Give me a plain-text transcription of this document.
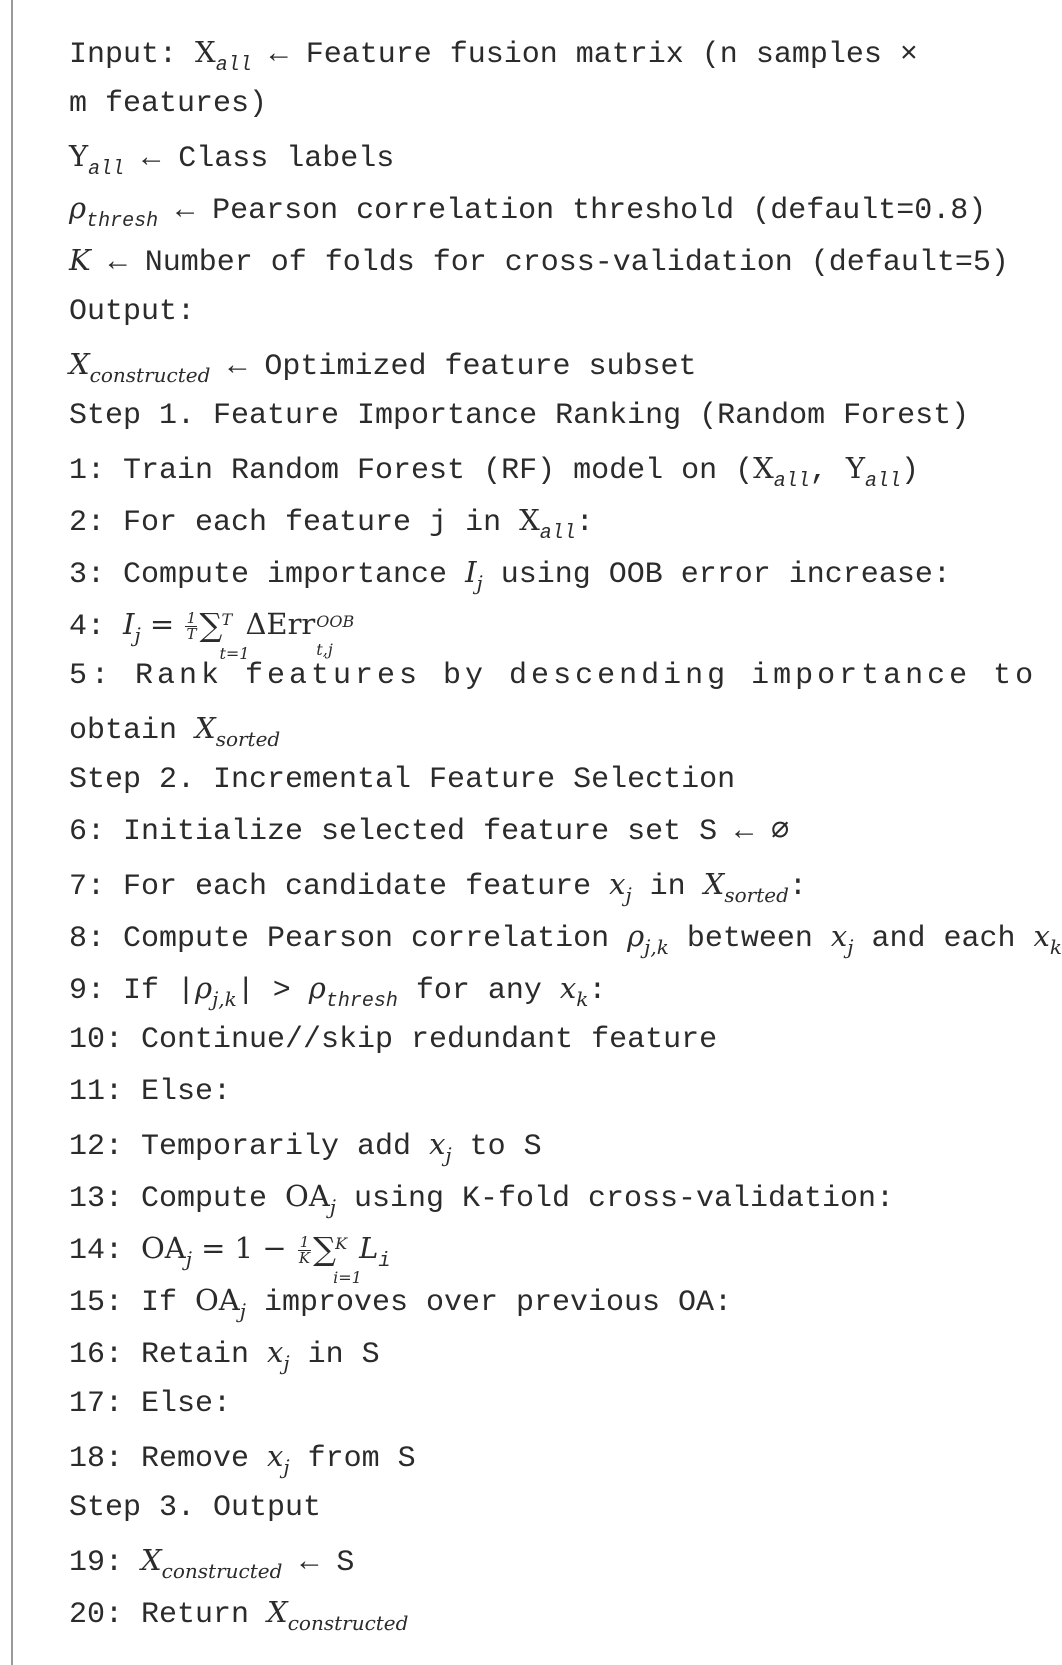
Input: $X_{all}$ ← Feature fusion matrix (n samples ×
m features)
$Y_{all}$ ← Class labels
$\rho_{thresh}$ ← Pearson correlation threshold (default=0.8)
K ← Number of folds for cross-validation (default=5)
Output:
$X_{constructed}$ ← Optimized feature subset
Step 1. Feature Importance Ranking (Random Forest)
1: Train Random Forest (RF) model on ($X_{all}$, $Y_{all}$)
2: For each feature j in $X_{all}$:
3: Compute importance $I_j$ using OOB error increase:
4: $I_j = \frac{1}{T}$ ∑ T
t=1
ΔErr OOB
t,j
5: Rank features by descending importance to
obtain $X_{sorted}$
Step 2. Incremental Feature Selection
6: Initialize selected feature set S ← ∅
7: For each candidate feature $x_j$ in $X_{sorted}$:
8: Compute Pearson correlation $\rho_{j,k}$ between $x_j$ and each $x_k$
9: If $|\rho_{j,k}| > \rho_{thresh}$ for any $x_k$:
10: Continue//skip redundant feature
11: Else:
12: Temporarily add $x_j$ to S
13: Compute $OA_j$ using K-fold cross-validation:
14: $OA_j = 1 - \frac{1}{K}$ ∑ K
i=1
$L_i$
15: If $OA_j$ improves over previous OA:
16: Retain $x_j$ in S
17: Else:
18: Remove $x_j$ from S
Step 3. Output
19: $X_{constructed}$ ← S
20: Return $X_{constructed}$
